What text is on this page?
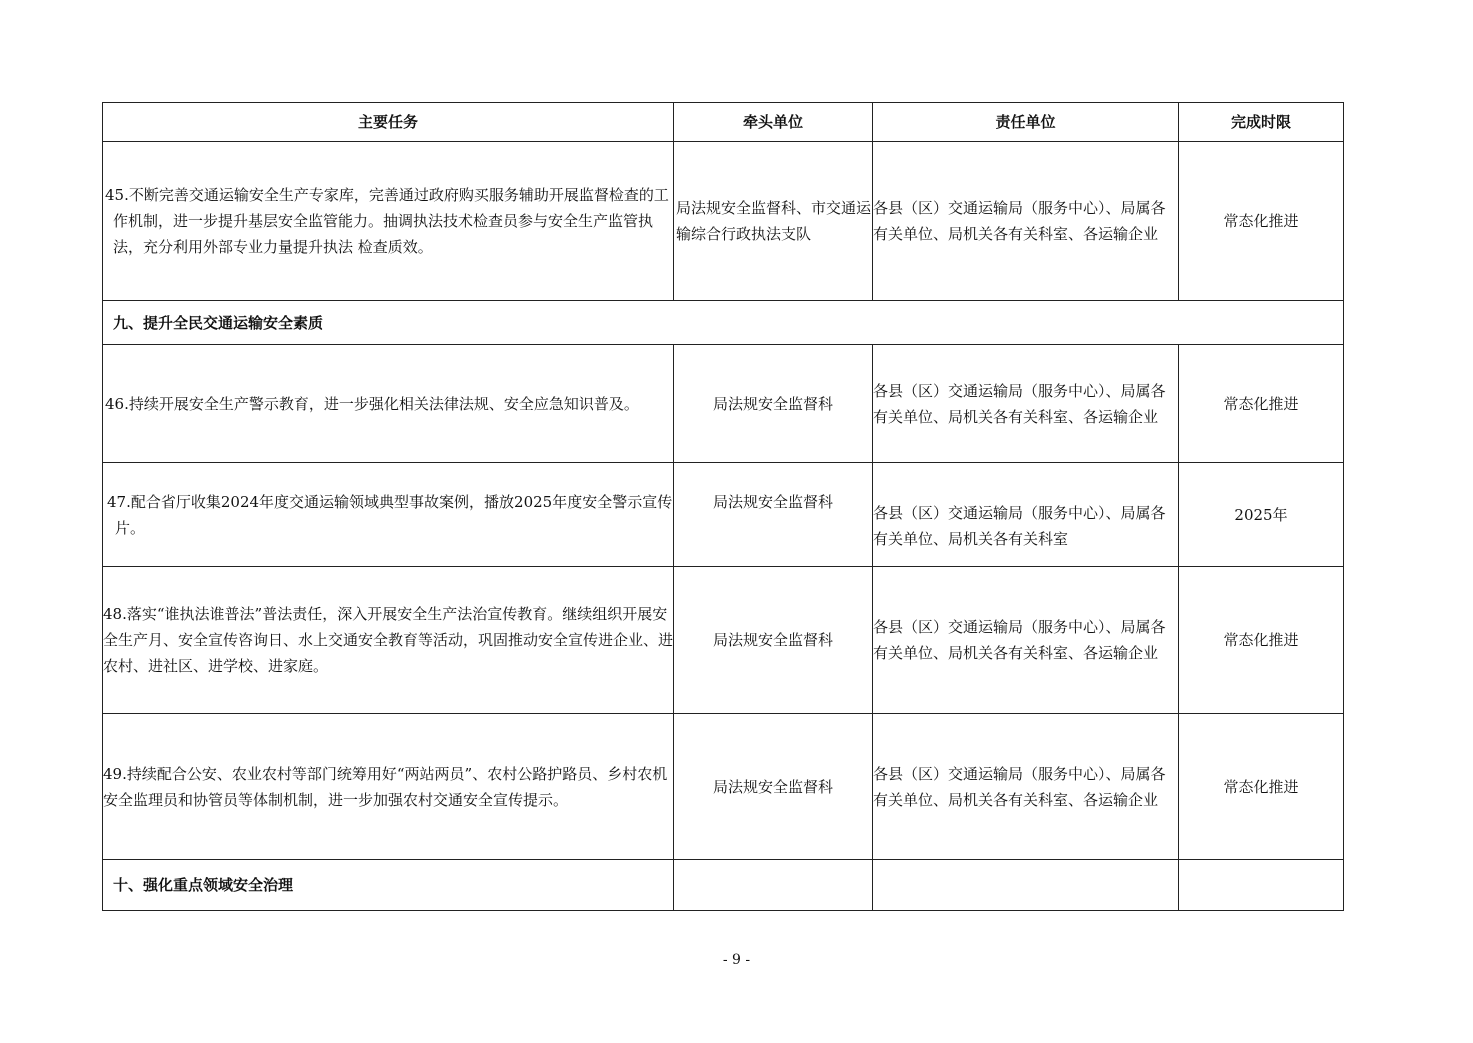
主要任务	牵头单位	责任单位	完成时限
45.不断完善交通运输安全生产专家库，完善通过政府购买服务辅助开展监督检查的工作机制，进一步提升基层安全监管能力。抽调执法技术检查员参与安全生产监管执法，充分利用外部专业力量提升执法 检查质效。	局法规安全监督科、市交通运输综合行政执法支队	各县（区）交通运输局（服务中心）、局属各有关单位、局机关各有关科室、各运输企业	常态化推进
九、提升全民交通运输安全素质			
46.持续开展安全生产警示教育，进一步强化相关法律法规、安全应急知识普及。	局法规安全监督科	各县（区）交通运输局（服务中心）、局属各有关单位、局机关各有关科室、各运输企业	常态化推进
47.配合省厅收集2024年度交通运输领域典型事故案例，播放2025年度安全警示宣传片。	局法规安全监督科	各县（区）交通运输局（服务中心）、局属各有关单位、局机关各有关科室	2025年
48.落实“谁执法谁普法”普法责任，深入开展安全生产法治宣传教育。继续组织开展安全生产月、安全宣传咨询日、水上交通安全教育等活动，巩固推动安全宣传进企业、进农村、进社区、进学校、进家庭。	局法规安全监督科	各县（区）交通运输局（服务中心）、局属各有关单位、局机关各有关科室、各运输企业	常态化推进
49.持续配合公安、农业农村等部门统筹用好“两站两员”、农村公路护路员、乡村农机安全监理员和协管员等体制机制，进一步加强农村交通安全宣传提示。	局法规安全监督科	各县（区）交通运输局（服务中心）、局属各有关单位、局机关各有关科室、各运输企业	常态化推进
十、强化重点领域安全治理			
- 9 -
